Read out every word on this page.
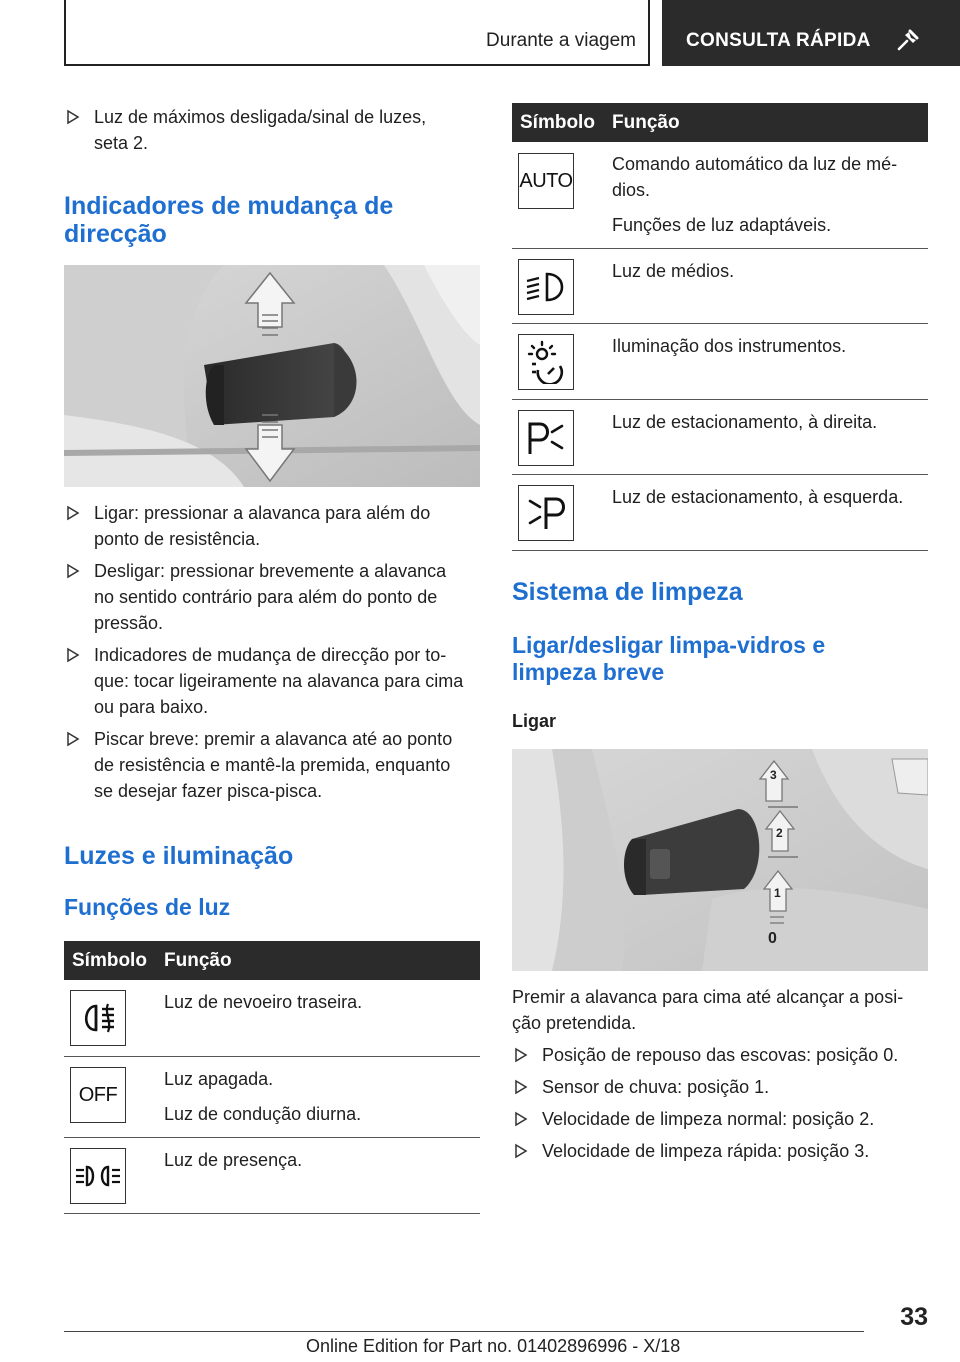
Durante a viagem	CONSULTA RÁPIDA
Luz de máximos desligada/sinal de luzes,
seta 2.
Indicadores de mudança de
direcção
Ligar: pressionar a alavanca para além do
ponto de resistência.
Desligar: pressionar brevemente a alavanca
no sentido contrário para além do ponto de
pressão.
Indicadores de mudança de direcção por to-
que: tocar ligeiramente na alavanca para cima
ou para baixo.
Piscar breve: premir a alavanca até ao ponto
de resistência e mantê-la premida, enquanto
se desejar fazer pisca-pisca.
Luzes e iluminação
Funções de luz
Símbolo	Função

	Luz de nevoeiro traseira.

OFF	Luz apagada.
Luz de condução diurna.

	Luz de presença.
Símbolo	Função

AUTO	Comando automático da luz de mé-
dios.
Funções de luz adaptáveis.

	Luz de médios.

	Iluminação dos instrumentos.

	Luz de estacionamento, à direita.

	Luz de estacionamento, à esquerda.
Sistema de limpeza
Ligar/desligar limpa-vidros e
limpeza breve
Ligar
3
2
1
0
Premir a alavanca para cima até alcançar a posi-
ção pretendida.
Posição de repouso das escovas: posição 0.
Sensor de chuva: posição 1.
Velocidade de limpeza normal: posição 2.
Velocidade de limpeza rápida: posição 3.
33
Online Edition for Part no. 01402896996 - X/18
